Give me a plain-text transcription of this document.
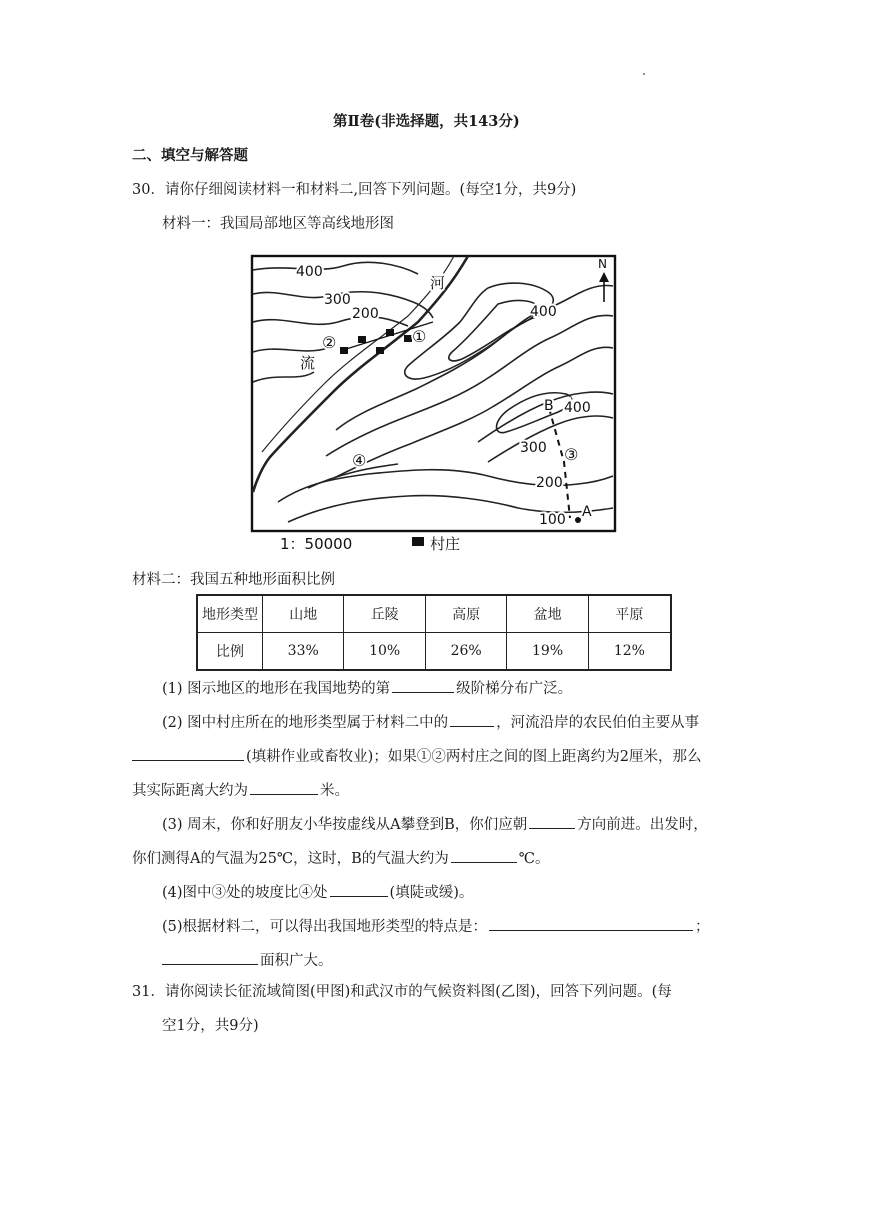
第Ⅱ卷(非选择题，共143分)
二、填空与解答题
30．请你仔细阅读材料一和材料二,回答下列问题。(每空1分，共9分)
材料一：我国局部地区等高线地形图
400
300
200	400
400
300
200
100
河
流
B
A
①
②
③
④
N
1：50000	村庄
材料二：我国五种地形面积比例
地形类型	山地	丘陵	高原	盆地	平原
比例	33%	10%	26%	19%	12%
(1) 图示地区的地形在我国地势的第	级阶梯分布广泛。
(2) 图中村庄所在的地形类型属于材料二中的	，河流沿岸的农民伯伯主要从事
(填耕作业或畜牧业)；如果①②两村庄之间的图上距离约为2厘米，那么
其实际距离大约为	米。
(3) 周末，你和好朋友小华按虚线从A攀登到B，你们应朝	方向前进。出发时，
你们测得A的气温为25℃，这时，B的气温大约为	℃。
(4)图中③处的坡度比④处	(填陡或缓)。
(5)根据材料二，可以得出我国地形类型的特点是：	；
面积广大。
31．请你阅读长征流域简图(甲图)和武汉市的气候资料图(乙图)，回答下列问题。(每
空1分，共9分)
